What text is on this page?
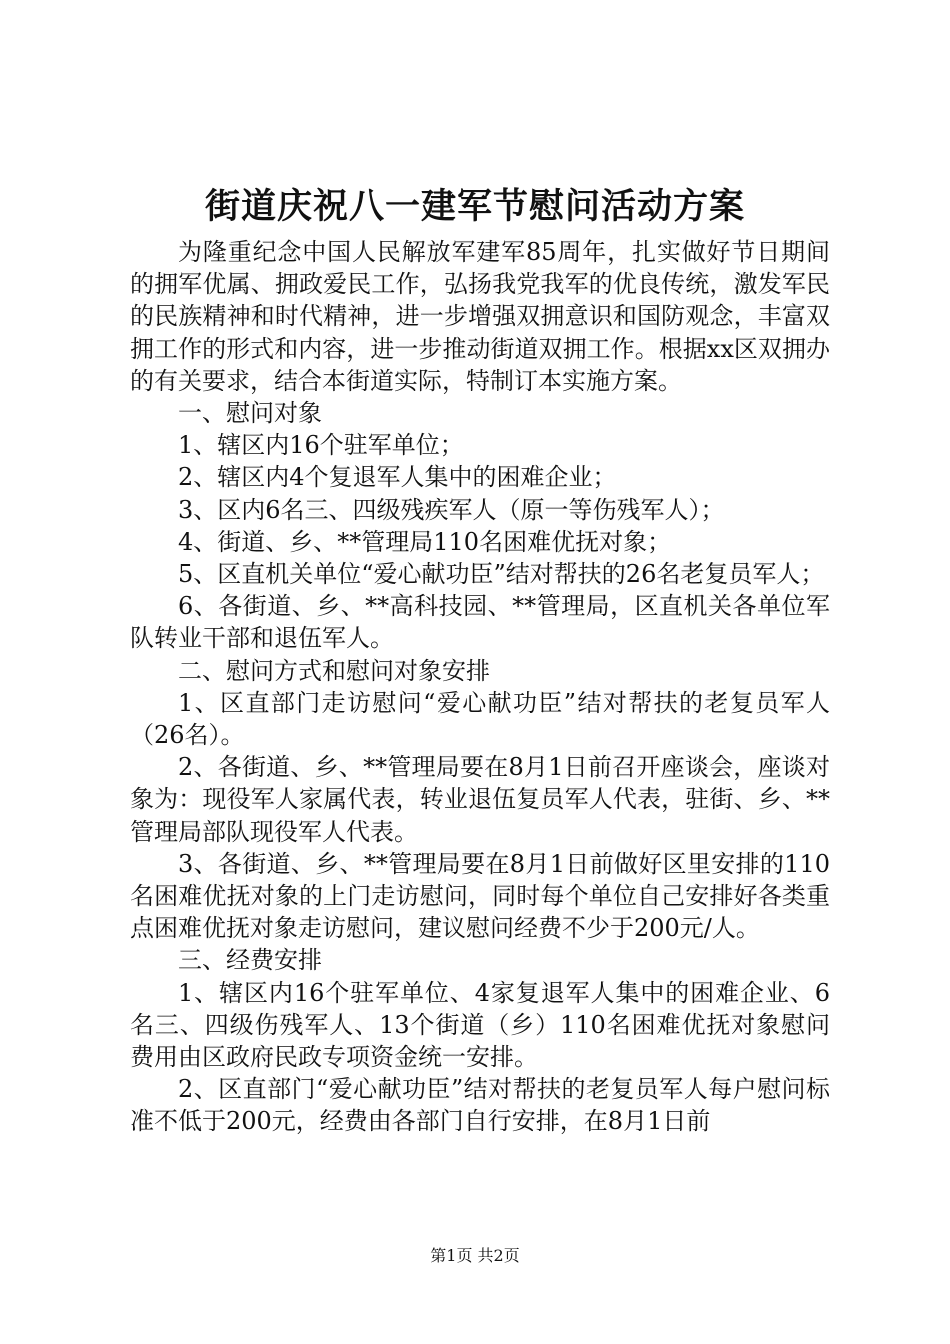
街道庆祝八一建军节慰问活动方案

为隆重纪念中国人民解放军建军85周年，扎实做好节日期间的拥军优属、拥政爱民工作，弘扬我党我军的优良传统，激发军民的民族精神和时代精神，进一步增强双拥意识和国防观念，丰富双拥工作的形式和内容，进一步推动街道双拥工作。根据xx区双拥办的有关要求，结合本街道实际，特制订本实施方案。

一、慰问对象

1、辖区内16个驻军单位；

2、辖区内4个复退军人集中的困难企业；

3、区内6名三、四级残疾军人（原一等伤残军人）；

4、街道、乡、**管理局110名困难优抚对象；

5、区直机关单位“爱心献功臣”结对帮扶的26名老复员军人；

6、各街道、乡、**高科技园、**管理局，区直机关各单位军队转业干部和退伍军人。

二、慰问方式和慰问对象安排

1、区直部门走访慰问“爱心献功臣”结对帮扶的老复员军人（26名）。

2、各街道、乡、**管理局要在8月1日前召开座谈会，座谈对象为：现役军人家属代表，转业退伍复员军人代表，驻街、乡、**管理局部队现役军人代表。

3、各街道、乡、**管理局要在8月1日前做好区里安排的110名困难优抚对象的上门走访慰问，同时每个单位自己安排好各类重点困难优抚对象走访慰问，建议慰问经费不少于200元/人。

三、经费安排

1、辖区内16个驻军单位、4家复退军人集中的困难企业、6名三、四级伤残军人、13个街道（乡）110名困难优抚对象慰问费用由区政府民政专项资金统一安排。

2、区直部门“爱心献功臣”结对帮扶的老复员军人每户慰问标准不低于200元，经费由各部门自行安排，在8月1日前

第1页 共2页
